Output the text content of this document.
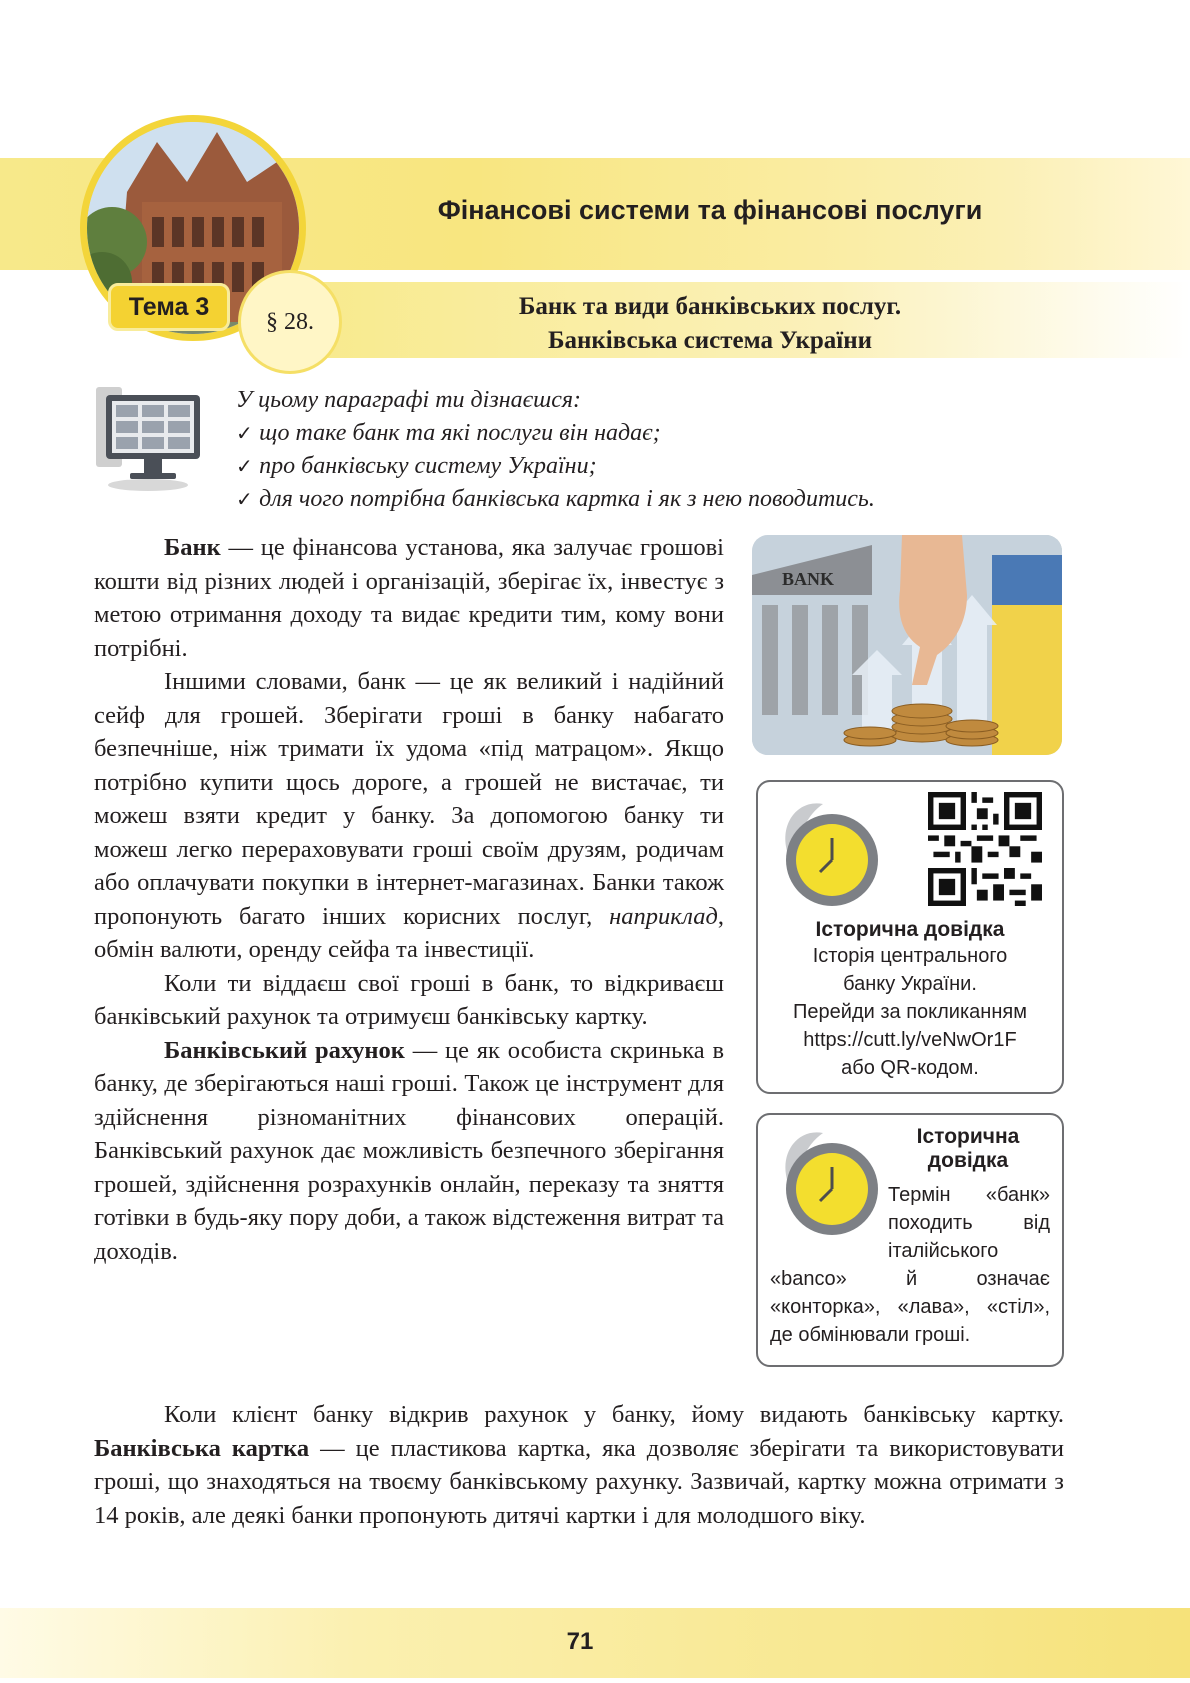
Фінансові системи та фінансові послуги
Банк та види банківських послуг.
Банківська система України
Тема 3
§ 28.
У цьому параграфі ти дізнаєшся:
✓ що таке банк та які послуги він надає;
✓ про банківську систему України;
✓ для чого потрібна банківська картка і як з нею поводитись.

Банк — це фінансова установа, яка залучає грошові кошти від різних людей і організацій, зберігає їх, інвестує з метою отримання доходу та видає кредити тим, кому вони потрібні.

Іншими словами, банк — це як великий і надійний сейф для грошей. Зберігати гроші в банку набагато безпечніше, ніж тримати їх удома «під матрацом». Якщо потрібно купити щось дороге, а грошей не вистачає, ти можеш взяти кредит у банку. За допомогою банку ти можеш легко перераховувати гроші своїм друзям, родичам або оплачувати покупки в інтернет-магазинах. Банки також пропонують багато інших корисних послуг, наприклад, обмін валюти, оренду сейфа та інвестиції.

Коли ти віддаєш свої гроші в банк, то відкриваєш банківський рахунок та отримуєш банківську картку.

Банківський рахунок — це як особиста скринька в банку, де зберігаються наші гроші. Також це інструмент для здійснення різноманітних фінансових операцій. Банківський рахунок дає можливість безпечного зберігання грошей, здійснення розрахунків онлайн, переказу та зняття готівки в будь-яку пору доби, а також відстеження витрат та доходів.

BANK
Історична довідка
Історія центрального
банку України.
Перейди за покликанням
https://cutt.ly/veNwOr1F
або QR-кодом.
Історична
довідка
Термін «банк» походить від італійського «banco» й означає «конторка», «лава», «стіл», де обмінювали гроші.

Коли клієнт банку відкрив рахунок у банку, йому видають банківську картку. Банківська картка — це пластикова картка, яка дозволяє зберігати та використовувати гроші, що знаходяться на твоєму банківському рахунку. Зазвичай, картку можна отримати з 14 років, але деякі банки пропонують дитячі картки і для молодшого віку.

71
